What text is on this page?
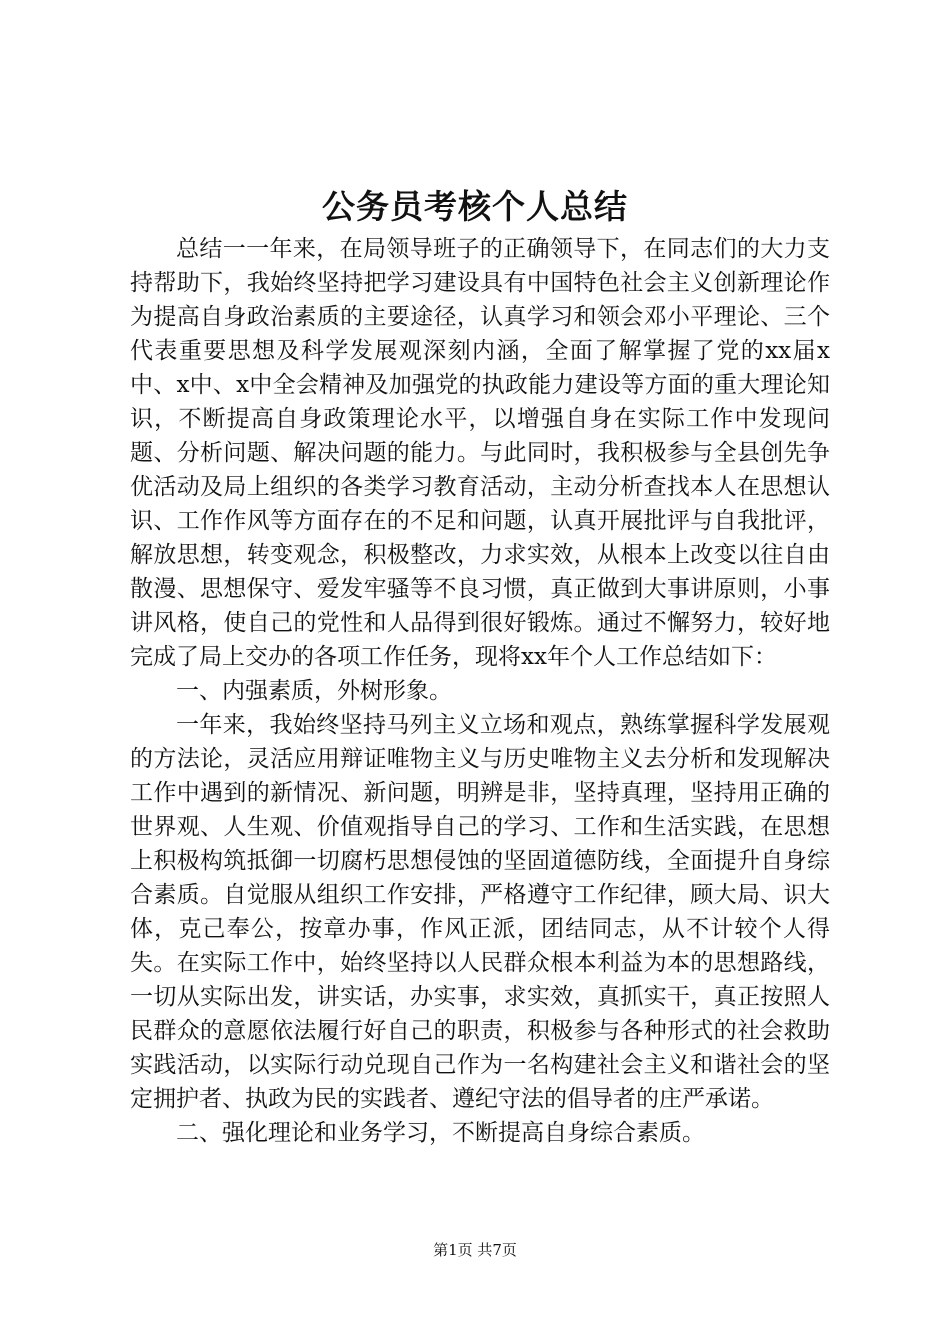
公务员考核个人总结

总结一一年来，在局领导班子的正确领导下，在同志们的大力支持帮助下，我始终坚持把学习建设具有中国特色社会主义创新理论作为提高自身政治素质的主要途径，认真学习和领会邓小平理论、三个代表重要思想及科学发展观深刻内涵，全面了解掌握了党的xx届x中、x中、x中全会精神及加强党的执政能力建设等方面的重大理论知识，不断提高自身政策理论水平，以增强自身在实际工作中发现问题、分析问题、解决问题的能力。与此同时，我积极参与全县创先争优活动及局上组织的各类学习教育活动，主动分析查找本人在思想认识、工作作风等方面存在的不足和问题，认真开展批评与自我批评，解放思想，转变观念，积极整改，力求实效，从根本上改变以往自由散漫、思想保守、爱发牢骚等不良习惯，真正做到大事讲原则，小事讲风格，使自己的党性和人品得到很好锻炼。通过不懈努力，较好地完成了局上交办的各项工作任务，现将xx年个人工作总结如下：

一、内强素质，外树形象。

一年来，我始终坚持马列主义立场和观点，熟练掌握科学发展观的方法论，灵活应用辩证唯物主义与历史唯物主义去分析和发现解决工作中遇到的新情况、新问题，明辨是非，坚持真理，坚持用正确的世界观、人生观、价值观指导自己的学习、工作和生活实践，在思想上积极构筑抵御一切腐朽思想侵蚀的坚固道德防线，全面提升自身综合素质。自觉服从组织工作安排，严格遵守工作纪律，顾大局、识大体，克己奉公，按章办事，作风正派，团结同志，从不计较个人得失。在实际工作中，始终坚持以人民群众根本利益为本的思想路线，一切从实际出发，讲实话，办实事，求实效，真抓实干，真正按照人民群众的意愿依法履行好自己的职责，积极参与各种形式的社会救助实践活动，以实际行动兑现自己作为一名构建社会主义和谐社会的坚定拥护者、执政为民的实践者、遵纪守法的倡导者的庄严承诺。

二、强化理论和业务学习，不断提高自身综合素质。

第1页 共7页
